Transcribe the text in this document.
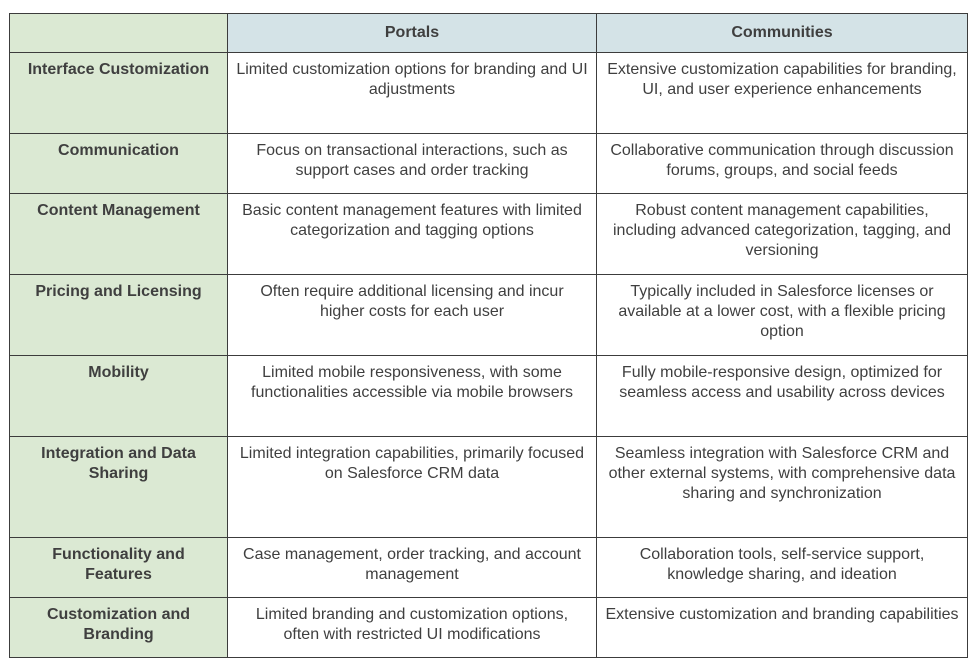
	Portals	Communities
Interface Customization	Limited customization options for branding and UI adjustments	Extensive customization capabilities for branding, UI, and user experience enhancements
Communication	Focus on transactional interactions, such as support cases and order tracking	Collaborative communication through discussion forums, groups, and social feeds
Content Management	Basic content management features with limited categorization and tagging options	Robust content management capabilities, including advanced categorization, tagging, and versioning
Pricing and Licensing	Often require additional licensing and incur higher costs for each user	Typically included in Salesforce licenses or available at a lower cost, with a flexible pricing option
Mobility	Limited mobile responsiveness, with some functionalities accessible via mobile browsers	Fully mobile-responsive design, optimized for seamless access and usability across devices
Integration and Data Sharing	Limited integration capabilities, primarily focused on Salesforce CRM data	Seamless integration with Salesforce CRM and other external systems, with comprehensive data sharing and synchronization
Functionality and Features	Case management, order tracking, and account management	Collaboration tools, self-service support, knowledge sharing, and ideation
Customization and Branding	Limited branding and customization options, often with restricted UI modifications	Extensive customization and branding capabilities
